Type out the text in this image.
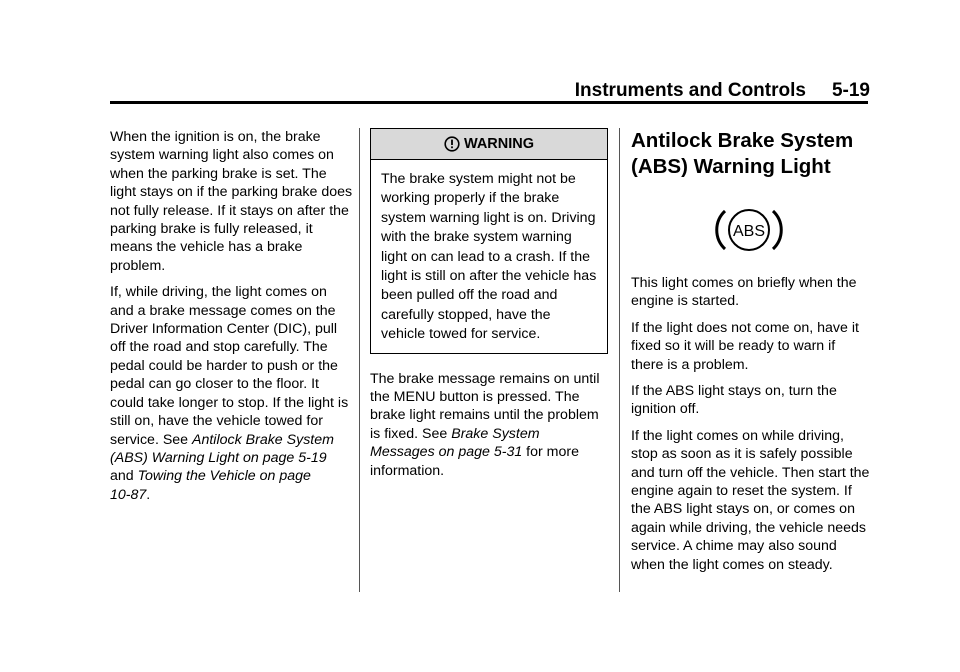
Instruments and Controls 5-19

When the ignition is on, the brake system warning light also comes on when the parking brake is set. The light stays on if the parking brake does not fully release. If it stays on after the parking brake is fully released, it means the vehicle has a brake problem.

If, while driving, the light comes on and a brake message comes on the Driver Information Center (DIC), pull off the road and stop carefully. The pedal could be harder to push or the pedal can go closer to the floor. It could take longer to stop. If the light is still on, have the vehicle towed for service. See Antilock Brake System (ABS) Warning Light on page 5‑19 and Towing the Vehicle on page 10‑87.

WARNING
The brake system might not be working properly if the brake system warning light is on. Driving with the brake system warning light on can lead to a crash. If the light is still on after the vehicle has been pulled off the road and carefully stopped, have the vehicle towed for service.

The brake message remains on until the MENU button is pressed. The brake light remains until the problem is fixed. See Brake System Messages on page 5‑31 for more information.

Antilock Brake System (ABS) Warning Light
ABS

This light comes on briefly when the engine is started.

If the light does not come on, have it fixed so it will be ready to warn if there is a problem.

If the ABS light stays on, turn the ignition off.

If the light comes on while driving, stop as soon as it is safely possible and turn off the vehicle. Then start the engine again to reset the system. If the ABS light stays on, or comes on again while driving, the vehicle needs service. A chime may also sound when the light comes on steady.
